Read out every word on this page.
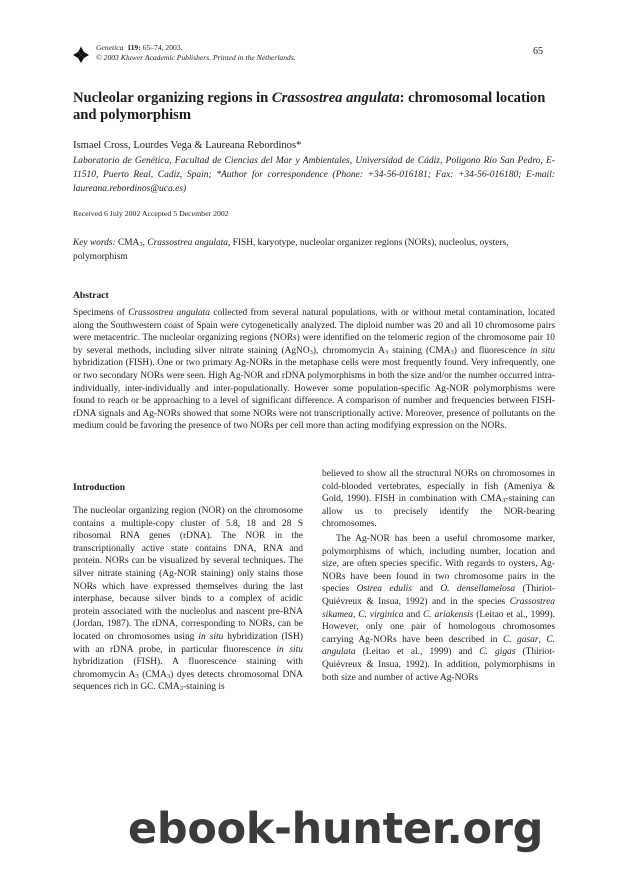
Genetica 119: 65–74, 2003.
© 2003 Kluwer Academic Publishers. Printed in the Netherlands.
65
Nucleolar organizing regions in Crassostrea angulata: chromosomal location and polymorphism
Ismael Cross, Lourdes Vega & Laureana Rebordinos*
Laboratorio de Genética, Facultad de Ciencias del Mar y Ambientales, Universidad de Cádiz, Poligono Río San Pedro, E-11510, Puerto Real, Cadiz, Spain; *Author for correspondence (Phone: +34-56-016181; Fax: +34-56-016180; E-mail: laureana.rebordinos@uca.es)
Received 6 July 2002 Accepted 5 December 2002
Key words: $CMA_3$, Crassostrea angulata, FISH, karyotype, nucleolar organizer regions (NORs), nucleolus, oysters, polymorphism
Abstract
Specimens of Crassostrea angulata collected from several natural populations, with or without metal contamination, located along the Southwestern coast of Spain were cytogenetically analyzed. The diploid number was 20 and all 10 chromosome pairs were metacentric. The nucleolar organizing regions (NORs) were identified on the telomeric region of the chromosome pair 10 by several methods, including silver nitrate staining (AgNO$_3$), chromomycin $A_3$ staining $(CMA_3)$ and fluorescence in situ hybridization (FISH). One or two primary Ag-NORs in the metaphase cells were most frequently found. Very infrequently, one or two secondary NORs were seen. High Ag-NOR and rDNA polymorphisms in both the size and/or the number occurred intra-individually, inter-individually and inter-populationally. However some population-specific Ag-NOR polymorphisms were found to reach or be approaching to a level of significant difference. A comparison of number and frequencies between FISH-rDNA signals and Ag-NORs showed that some NORs were not transcriptionally active. Moreover, presence of pollutants on the medium could be favoring the presence of two NORs per cell more than acting modifying expression on the NORs.
Introduction
The nucleolar organizing region (NOR) on the chromosome contains a multiple-copy cluster of 5.8, 18 and 28 S ribosomal RNA genes (rDNA). The NOR in the transcriptionally active state contains DNA, RNA and protein. NORs can be visualized by several techniques. The silver nitrate staining (Ag-NOR staining) only stains those NORs which have expressed themselves during the last interphase, because silver binds to a complex of acidic protein associated with the nucleolus and nascent pre-RNA (Jordan, 1987). The rDNA, corresponding to NORs, can be located on chromosomes using in situ hybridization (ISH) with an rDNA probe, in particular fluorescence in situ hybridization (FISH). A fluorescence staining with chromomycin $A_3$ $(CMA_3)$ dyes detects chromosomal DNA sequences rich in GC. $CMA_3$-staining is
believed to show all the structural NORs on chromosomes in cold-blooded vertebrates, especially in fish (Ameniya & Gold, 1990). FISH in combination with $CMA_3$-staining can allow us to precisely identify the NOR-bearing chromosomes.
The Ag-NOR has been a useful chromosome marker, polymorphisms of which, including number, location and size, are often species specific. With regards to oysters, Ag-NORs have been found in two chromosome pairs in the species Ostrea edulis and O. densellamelosa (Thiriot-Quiévreux & Insua, 1992) and in the species Crassostrea sikamea, C. virginica and C. ariakensis (Leitao et al., 1999). However, only one pair of homologous chromosomes carrying Ag-NORs have been described in C. gasar, C. angulata (Leitao et al., 1999) and C. gigas (Thiriot-Quiévreux & Insua, 1992). In addition, polymorphisms in both size and number of active Ag-NORs
ebook-hunter.org
